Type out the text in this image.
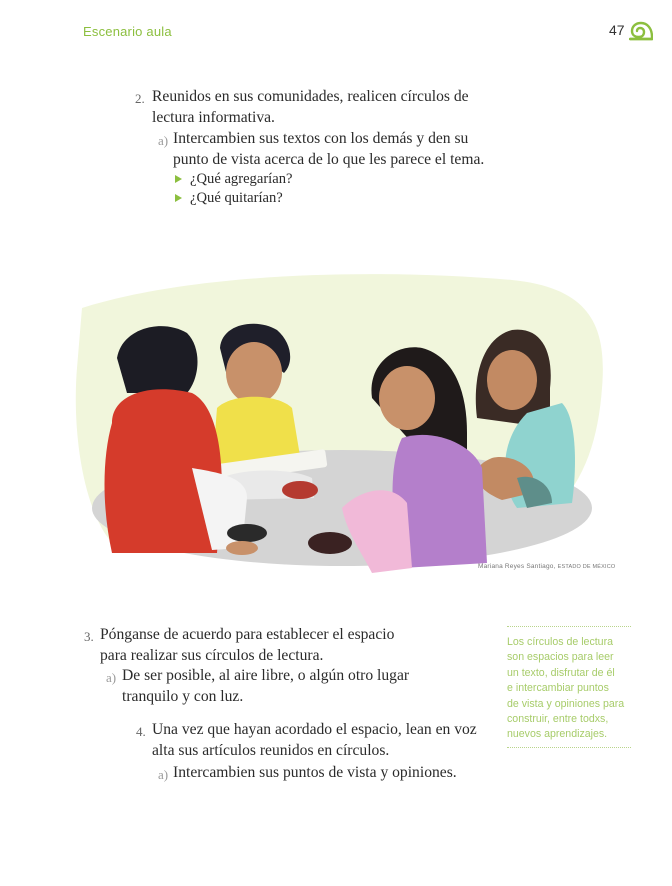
Escenario aula	47
2. Reunidos en sus comunidades, realicen círculos de
lectura informativa.
a) Intercambien sus textos con los demás y den su
punto de vista acerca de lo que les parece el tema.
¿Qué agregarían?
¿Qué quitarían?
Mariana Reyes Santiago, ESTADO DE MÉXICO
3. Pónganse de acuerdo para establecer el espacio
para realizar sus círculos de lectura.
a) De ser posible, al aire libre, o algún otro lugar
tranquilo y con luz.
4. Una vez que hayan acordado el espacio, lean en voz
alta sus artículos reunidos en círculos.
a) Intercambien sus puntos de vista y opiniones.
Los círculos de lectura
son espacios para leer
un texto, disfrutar de él
e intercambiar puntos
de vista y opiniones para
construir, entre todxs,
nuevos aprendizajes.
